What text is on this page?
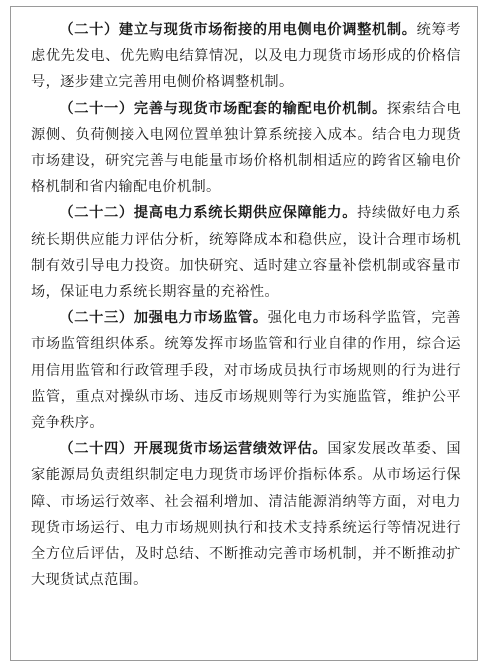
（二十）建立与现货市场衔接的用电侧电价调整机制。统筹考虑优先发电、优先购电结算情况，以及电力现货市场形成的价格信号，逐步建立完善用电侧价格调整机制。

（二十一）完善与现货市场配套的输配电价机制。探索结合电源侧、负荷侧接入电网位置单独计算系统接入成本。结合电力现货市场建设，研究完善与电能量市场价格机制相适应的跨省区输电价格机制和省内输配电价机制。

（二十二）提高电力系统长期供应保障能力。持续做好电力系统长期供应能力评估分析，统筹降成本和稳供应，设计合理市场机制有效引导电力投资。加快研究、适时建立容量补偿机制或容量市场，保证电力系统长期容量的充裕性。

（二十三）加强电力市场监管。强化电力市场科学监管，完善市场监管组织体系。统筹发挥市场监管和行业自律的作用，综合运用信用监管和行政管理手段，对市场成员执行市场规则的行为进行监管，重点对操纵市场、违反市场规则等行为实施监管，维护公平竞争秩序。

（二十四）开展现货市场运营绩效评估。国家发展改革委、国家能源局负责组织制定电力现货市场评价指标体系。从市场运行保障、市场运行效率、社会福利增加、清洁能源消纳等方面，对电力现货市场运行、电力市场规则执行和技术支持系统运行等情况进行全方位后评估，及时总结、不断推动完善市场机制，并不断推动扩大现货试点范围。
